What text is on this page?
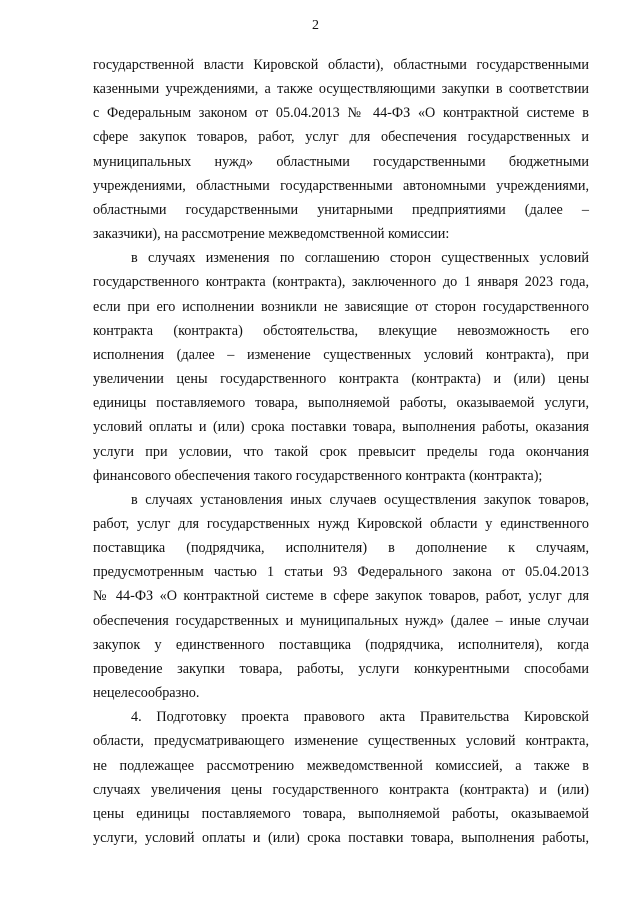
2
государственной власти Кировской области), областными государственными
казенными учреждениями, а также осуществляющими закупки в соответствии
с Федеральным законом от 05.04.2013 № 44-ФЗ «О контрактной системе в
сфере закупок товаров, работ, услуг для обеспечения государственных и
муниципальных нужд» областными государственными бюджетными
учреждениями, областными государственными автономными учреждениями,
областными государственными унитарными предприятиями (далее –
заказчики), на рассмотрение межведомственной комиссии:
в случаях изменения по соглашению сторон существенных условий
государственного контракта (контракта), заключенного до 1 января 2023 года,
если при его исполнении возникли не зависящие от сторон государственного
контракта (контракта) обстоятельства, влекущие невозможность его
исполнения (далее – изменение существенных условий контракта), при
увеличении цены государственного контракта (контракта) и (или) цены
единицы поставляемого товара, выполняемой работы, оказываемой услуги,
условий оплаты и (или) срока поставки товара, выполнения работы, оказания
услуги при условии, что такой срок превысит пределы года окончания
финансового обеспечения такого государственного контракта (контракта);
в случаях установления иных случаев осуществления закупок товаров,
работ, услуг для государственных нужд Кировской области у единственного
поставщика (подрядчика, исполнителя) в дополнение к случаям,
предусмотренным частью 1 статьи 93 Федерального закона от 05.04.2013
№ 44-ФЗ «О контрактной системе в сфере закупок товаров, работ, услуг для
обеспечения государственных и муниципальных нужд» (далее – иные случаи
закупок у единственного поставщика (подрядчика, исполнителя), когда
проведение закупки товара, работы, услуги конкурентными способами
нецелесообразно.
4. Подготовку проекта правового акта Правительства Кировской
области, предусматривающего изменение существенных условий контракта,
не подлежащее рассмотрению межведомственной комиссией, а также в
случаях увеличения цены государственного контракта (контракта) и (или)
цены единицы поставляемого товара, выполняемой работы, оказываемой
услуги, условий оплаты и (или) срока поставки товара, выполнения работы,
